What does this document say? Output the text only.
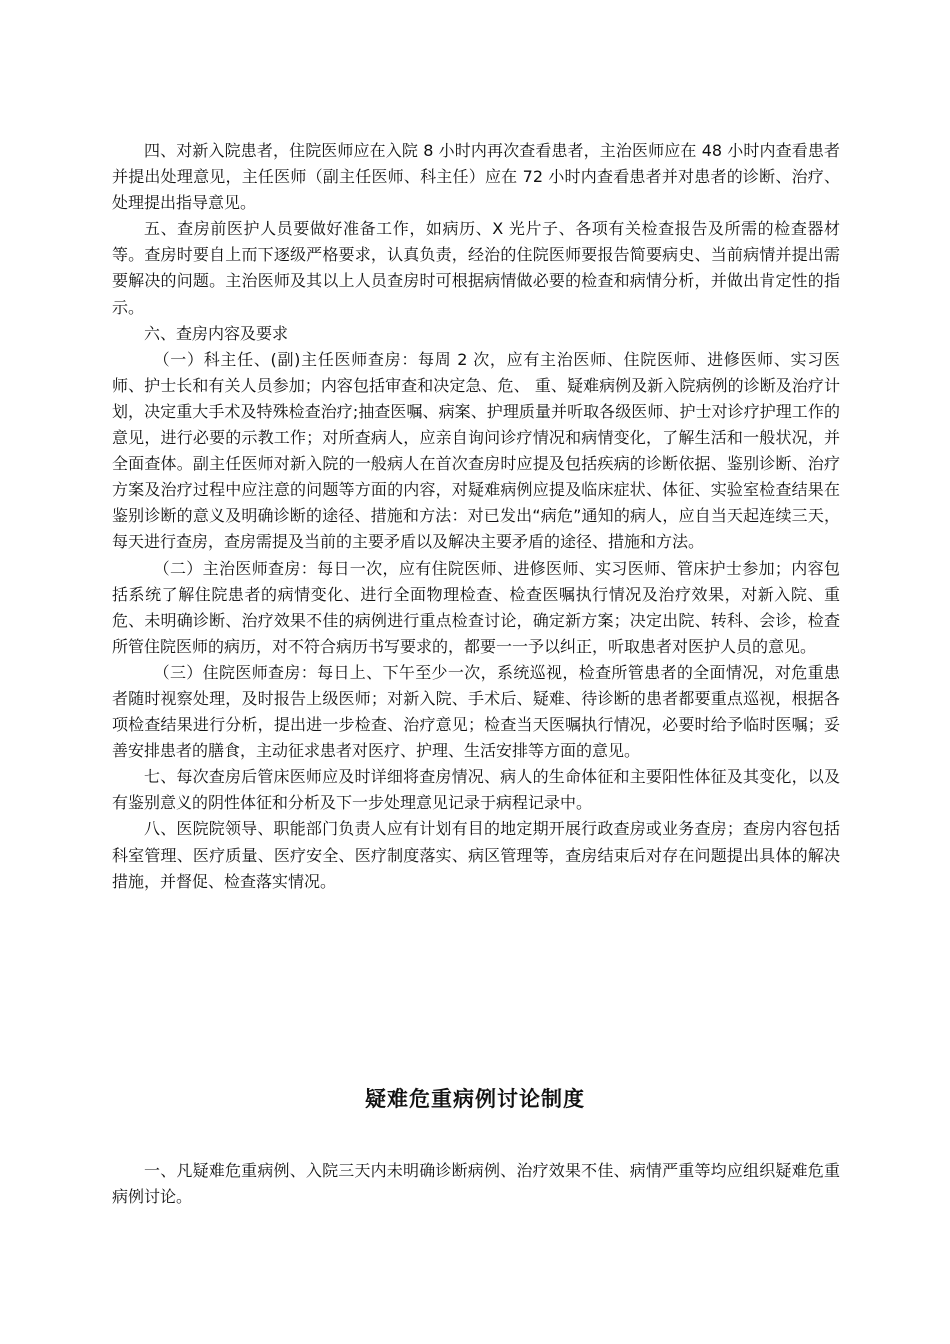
四、对新入院患者，住院医师应在入院 8 小时内再次查看患者，主治医师应在 48 小时内查看患者并提出处理意见，主任医师（副主任医师、科主任）应在 72 小时内查看患者并对患者的诊断、治疗、处理提出指导意见。

五、查房前医护人员要做好准备工作，如病历、X 光片子、各项有关检查报告及所需的检查器材等。查房时要自上而下逐级严格要求，认真负责，经治的住院医师要报告简要病史、当前病情并提出需要解决的问题。主治医师及其以上人员查房时可根据病情做必要的检查和病情分析，并做出肯定性的指示。

六、查房内容及要求

（一）科主任、(副)主任医师查房：每周 2 次，应有主治医师、住院医师、进修医师、实习医师、护士长和有关人员参加；内容包括审查和决定急、危、 重、疑难病例及新入院病例的诊断及治疗计划，决定重大手术及特殊检查治疗;抽查医嘱、病案、护理质量并听取各级医师、护士对诊疗护理工作的意见，进行必要的示教工作；对所查病人，应亲自询问诊疗情况和病情变化，了解生活和一般状况，并全面查体。副主任医师对新入院的一般病人在首次查房时应提及包括疾病的诊断依据、鉴别诊断、治疗方案及治疗过程中应注意的问题等方面的内容，对疑难病例应提及临床症状、体征、实验室检查结果在鉴别诊断的意义及明确诊断的途径、措施和方法：对已发出“病危”通知的病人，应自当天起连续三天，每天进行查房，查房需提及当前的主要矛盾以及解决主要矛盾的途径、措施和方法。

（二）主治医师查房：每日一次，应有住院医师、进修医师、实习医师、管床护士参加；内容包括系统了解住院患者的病情变化、进行全面物理检查、检查医嘱执行情况及治疗效果，对新入院、重危、未明确诊断、治疗效果不佳的病例进行重点检查讨论，确定新方案；决定出院、转科、会诊，检查所管住院医师的病历，对不符合病历书写要求的，都要一一予以纠正，听取患者对医护人员的意见。

（三）住院医师查房：每日上、下午至少一次，系统巡视，检查所管患者的全面情况，对危重患者随时视察处理，及时报告上级医师；对新入院、手术后、疑难、待诊断的患者都要重点巡视，根据各项检查结果进行分析，提出进一步检查、治疗意见；检查当天医嘱执行情况，必要时给予临时医嘱；妥善安排患者的膳食，主动征求患者对医疗、护理、生活安排等方面的意见。

七、每次查房后管床医师应及时详细将查房情况、病人的生命体征和主要阳性体征及其变化，以及有鉴别意义的阴性体征和分析及下一步处理意见记录于病程记录中。

八、医院院领导、职能部门负责人应有计划有目的地定期开展行政查房或业务查房；查房内容包括科室管理、医疗质量、医疗安全、医疗制度落实、病区管理等，查房结束后对存在问题提出具体的解决措施，并督促、检查落实情况。

疑难危重病例讨论制度

一、凡疑难危重病例、入院三天内未明确诊断病例、治疗效果不佳、病情严重等均应组织疑难危重病例讨论。
